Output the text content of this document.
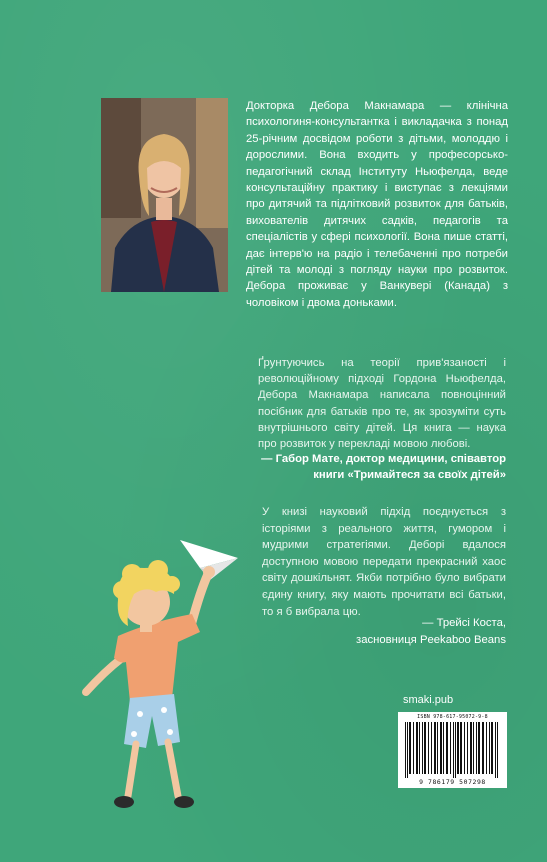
Докторка Дебора Макнамара — клінічна психологиня-консультантка і викладачка з понад 25-річним досвідом роботи з дітьми, молоддю і дорослими. Вона входить у професорсько-педагогічний склад Інституту Ньюфелда, веде консультаційну практику і виступає з лекціями про дитячий та підлітковий розвиток для батьків, вихователів дитячих садків, педагогів та спеціалістів у сфері психології. Вона пише статті, дає інтерв'ю на радіо і телебаченні про потреби дітей та молоді з погляду науки про розвиток. Дебора проживає у Ванкувері (Канада) з чоловіком і двома доньками.

Ґрунтуючись на теорії прив'язаності і революційному підході Гордона Ньюфелда, Дебора Макнамара написала повноцінний посібник для батьків про те, як зрозуміти суть внутрішнього світу дітей. Ця книга — наука про розвиток у перекладі мовою любові.

— Габор Мате, доктор медицини, співавтор книги «Тримайтеся за своїх дітей»

У книзі науковий підхід поєднується з історіями з реального життя, гумором і мудрими стратегіями. Деборі вдалося доступною мовою передати прекрасний хаос світу дошкільнят. Якби потрібно було вибрати єдину книгу, яку мають прочитати всі батьки, то я б вибрала цю.

— Трейсі Коста,
засновниця Peekaboo Beans

smaki.pub

ISBN 978-617-95072-9-8
9 786179 507298
